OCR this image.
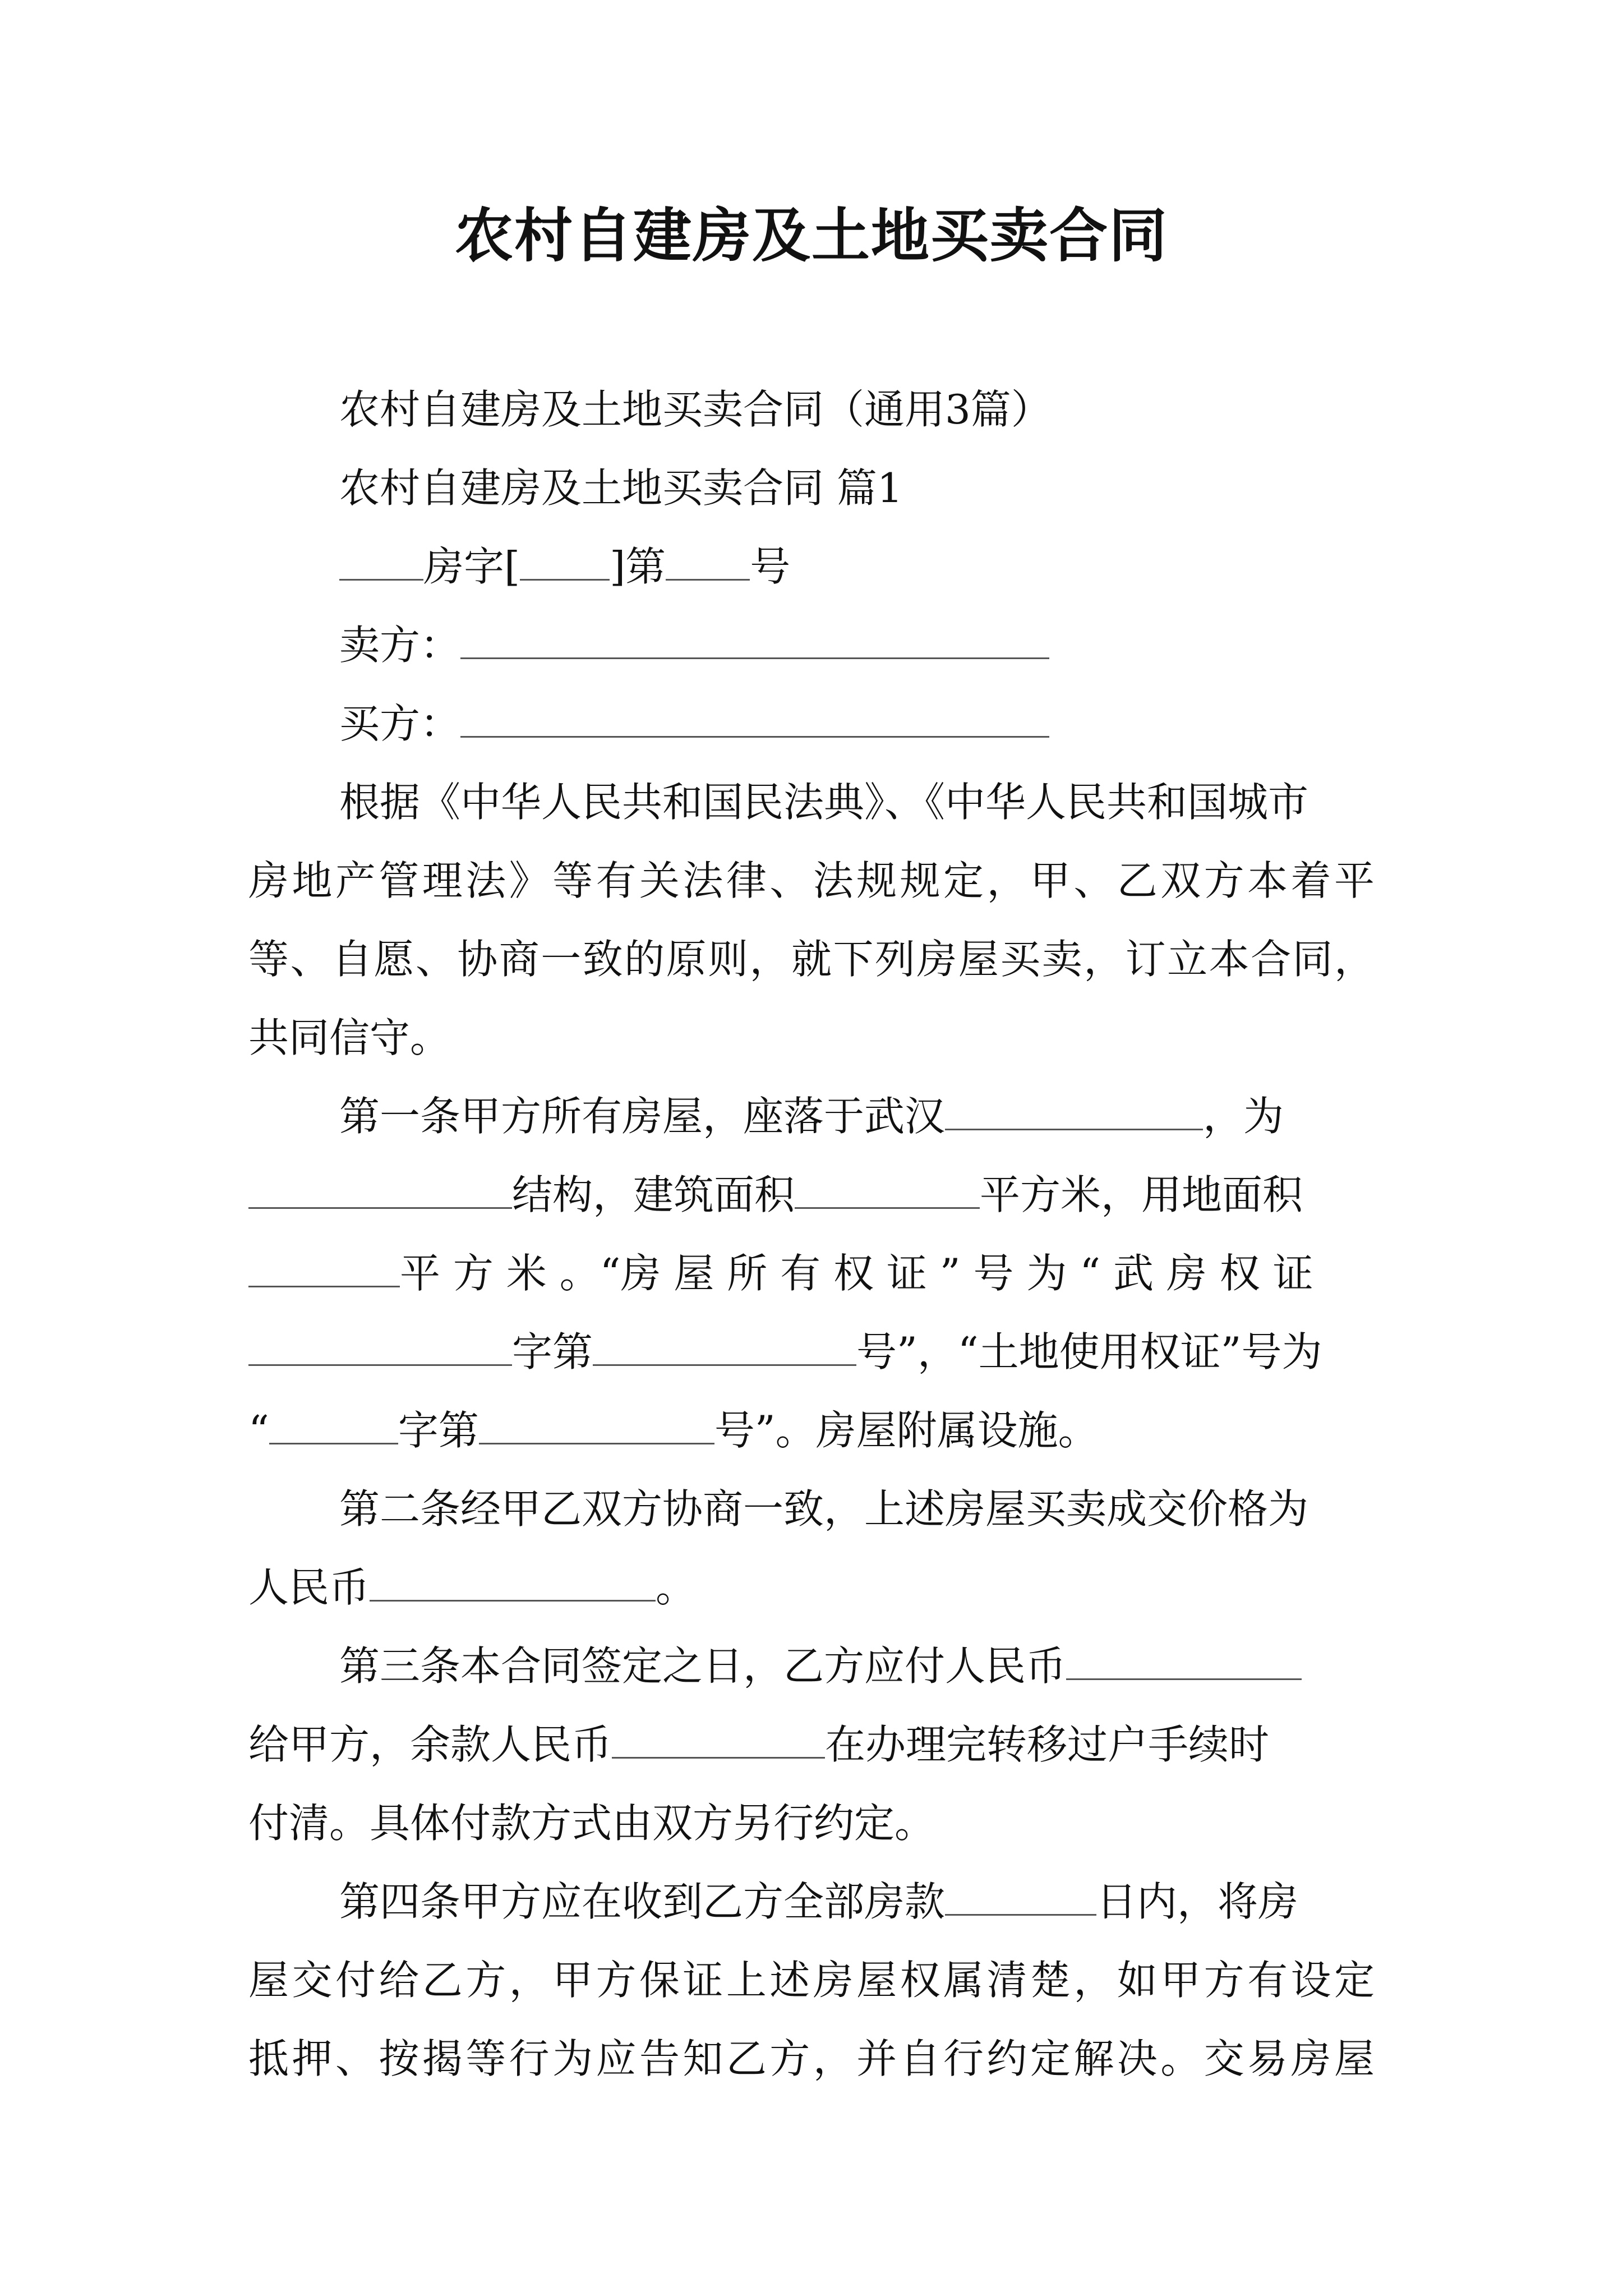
农村自建房及土地买卖合同
农村自建房及土地买卖合同（通用3篇）
农村自建房及土地买卖合同 篇1
房字[ ]第 号
卖方：
买方：
根据《中华人民共和国民法典》、《中华人民共和国城市
房地产管理法》等有关法律、法规规定，甲、乙双方本着平
等、自愿、协商一致的原则，就下列房屋买卖，订立本合同，
共同信守。
第一条甲方所有房屋，座落于武汉	，为
结构，建筑面积	平方米，用地面积
平 方 米 。“房 屋 所 有 权 证 ” 号 为 “ 武 房 权 证
字第	号”，“土地使用权证”号为
“	字第	号”。房屋附属设施。
第二条经甲乙双方协商一致，上述房屋买卖成交价格为
人民币	。
第三条本合同签定之日，乙方应付人民币
给甲方，余款人民币	在办理完转移过户手续时
付清。具体付款方式由双方另行约定。
第四条甲方应在收到乙方全部房款	日内，将房
屋交付给乙方，甲方保证上述房屋权属清楚，如甲方有设定
抵押、按揭等行为应告知乙方，并自行约定解决。交易房屋
